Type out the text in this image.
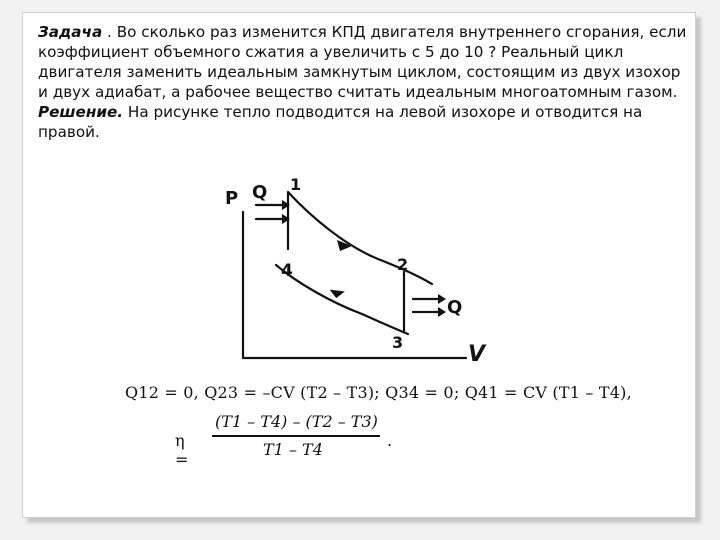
Задача . Во сколько раз изменится КПД двигателя внутреннего сгорания, если коэффициент объемного сжатия а увеличить с 5 до 10 ? Реальный цикл двигателя заменить идеальным замкнутым циклом, состоящим из двух изохор и двух адиабат, а рабочее вещество считать идеальным многоатомным газом.
Решение. На рисунке тепло подводится на левой изохоре и отводится на правой.
P Q 1
2
4
Q
3	V
Q12 = 0, Q23 = –CV (T2 – T3); Q34 = 0; Q41 = CV (T1 – T4),
η =
(T1 – T4) – (T2 – T3)
T1 – T4	.
